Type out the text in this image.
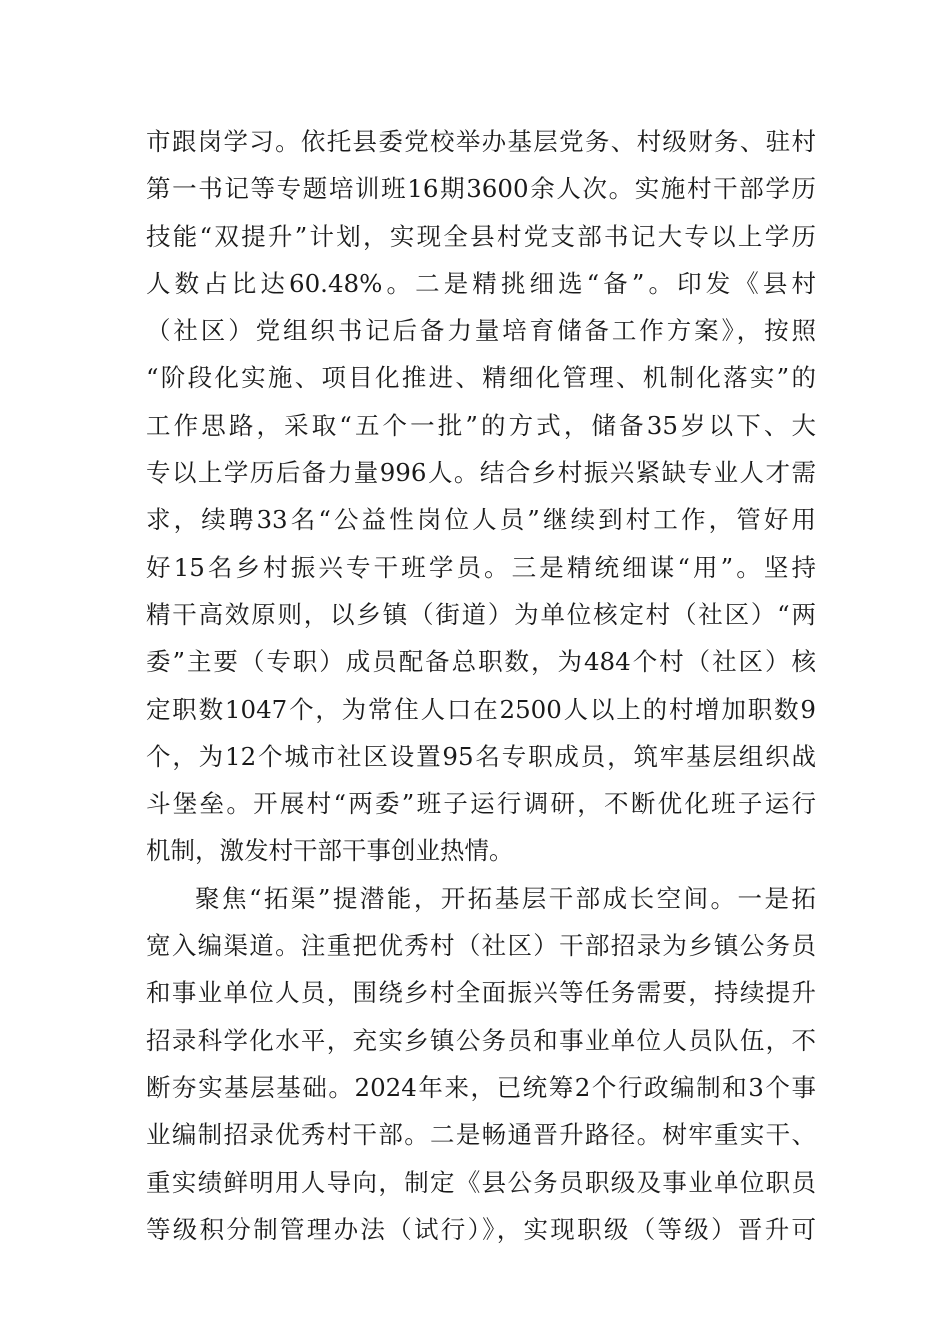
市跟岗学习。依托县委党校举办基层党务、村级财务、驻村
第一书记等专题培训班16期3600余人次。实施村干部学历
技能“双提升”计划，实现全县村党支部书记大专以上学历
人数占比达60.48%。二是精挑细选“备”。印发《县村
（社区）党组织书记后备力量培育储备工作方案》，按照
“阶段化实施、项目化推进、精细化管理、机制化落实”的
工作思路，采取“五个一批”的方式，储备35岁以下、大
专以上学历后备力量996人。结合乡村振兴紧缺专业人才需
求，续聘33名“公益性岗位人员”继续到村工作，管好用
好15名乡村振兴专干班学员。三是精统细谋“用”。坚持
精干高效原则，以乡镇（街道）为单位核定村（社区）“两
委”主要（专职）成员配备总职数，为484个村（社区）核
定职数1047个，为常住人口在2500人以上的村增加职数9
个，为12个城市社区设置95名专职成员，筑牢基层组织战
斗堡垒。开展村“两委”班子运行调研，不断优化班子运行
机制，激发村干部干事创业热情。
聚焦“拓渠”提潜能，开拓基层干部成长空间。一是拓
宽入编渠道。注重把优秀村（社区）干部招录为乡镇公务员
和事业单位人员，围绕乡村全面振兴等任务需要，持续提升
招录科学化水平，充实乡镇公务员和事业单位人员队伍，不
断夯实基层基础。2024年来，已统筹2个行政编制和3个事
业编制招录优秀村干部。二是畅通晋升路径。树牢重实干、
重实绩鲜明用人导向，制定《县公务员职级及事业单位职员
等级积分制管理办法（试行）》，实现职级（等级）晋升可
